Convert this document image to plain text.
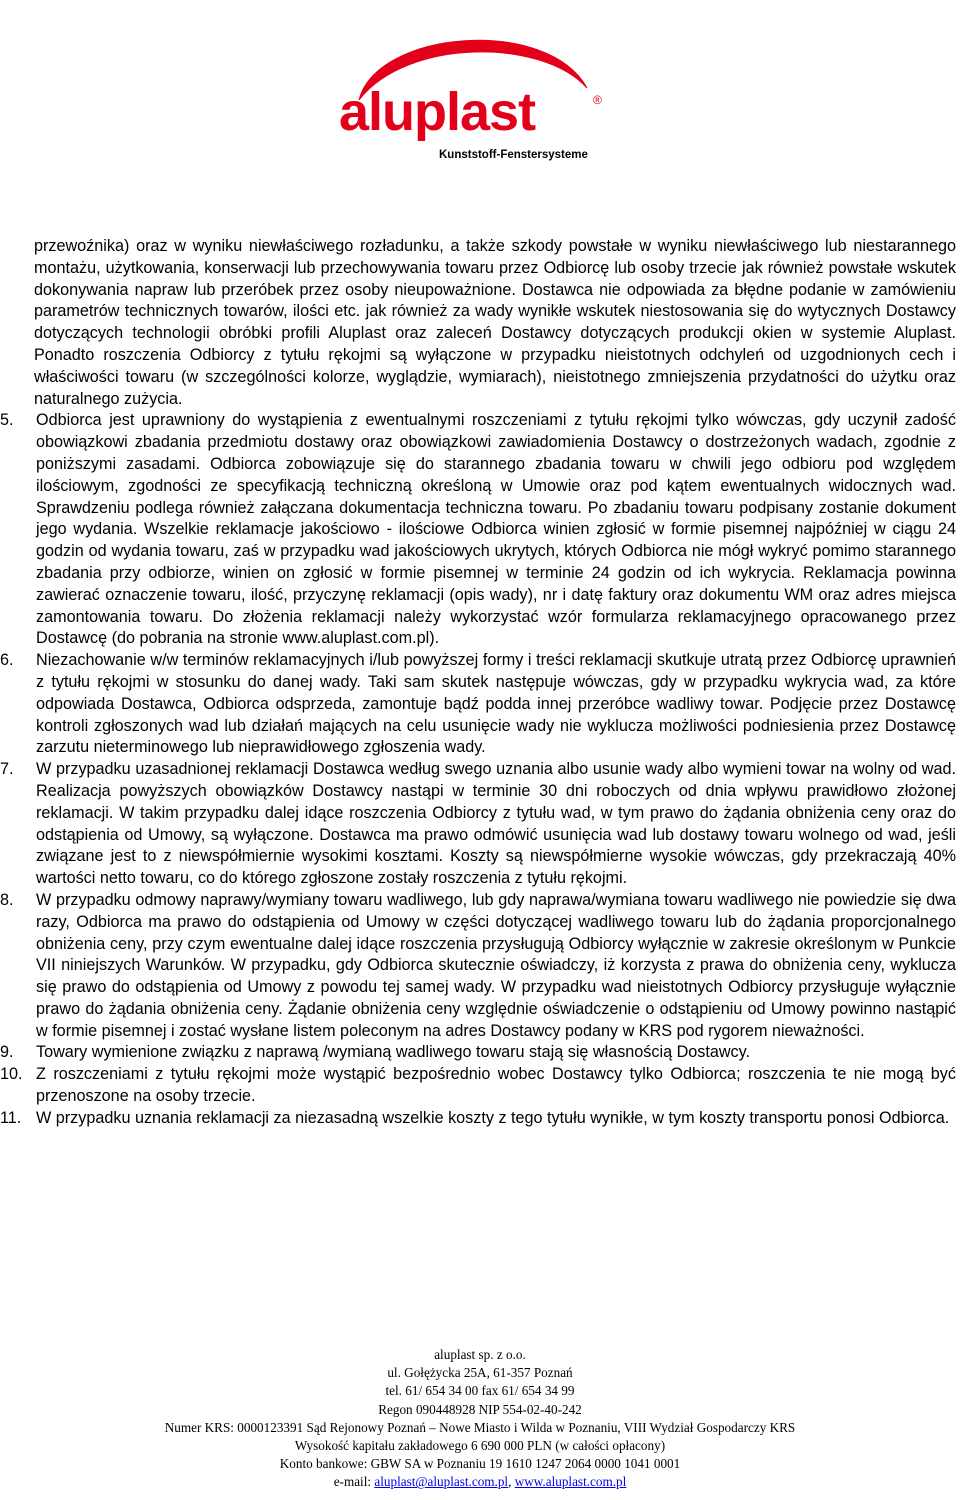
aluplast	®
Kunststoff-Fenstersysteme

przewoźnika) oraz w wyniku niewłaściwego rozładunku, a także szkody powstałe w wyniku niewłaściwego lub niestarannego montażu, użytkowania, konserwacji lub przechowywania towaru przez Odbiorcę lub osoby trzecie jak również powstałe wskutek dokonywania napraw lub przeróbek przez osoby nieupoważnione. Dostawca nie odpowiada za błędne podanie w zamówieniu parametrów technicznych towarów, ilości etc. jak również za wady wynikłe wskutek niestosowania się do wytycznych Dostawcy dotyczących technologii obróbki profili Aluplast oraz zaleceń Dostawcy dotyczących produkcji okien w systemie Aluplast. Ponadto roszczenia Odbiorcy z tytułu rękojmi są wyłączone w przypadku nieistotnych odchyleń od uzgodnionych cech i właściwości towaru (w szczególności kolorze, wyglądzie, wymiarach), nieistotnego zmniejszenia przydatności do użytku oraz naturalnego zużycia.

5.	Odbiorca jest uprawniony do wystąpienia z ewentualnymi roszczeniami z tytułu rękojmi tylko wówczas, gdy uczynił zadość obowiązkowi zbadania przedmiotu dostawy oraz obowiązkowi zawiadomienia Dostawcy o dostrzeżonych wadach, zgodnie z poniższymi zasadami. Odbiorca zobowiązuje się do starannego zbadania towaru w chwili jego odbioru pod względem ilościowym, zgodności ze specyfikacją techniczną określoną w Umowie oraz pod kątem ewentualnych widocznych wad. Sprawdzeniu podlega również załączana dokumentacja techniczna towaru. Po zbadaniu towaru podpisany zostanie dokument jego wydania. Wszelkie reklamacje jakościowo - ilościowe Odbiorca winien zgłosić w formie pisemnej najpóźniej w ciągu 24 godzin od wydania towaru, zaś w przypadku wad jakościowych ukrytych, których Odbiorca nie mógł wykryć pomimo starannego zbadania przy odbiorze, winien on zgłosić w formie pisemnej w terminie 24 godzin od ich wykrycia. Reklamacja powinna zawierać oznaczenie towaru, ilość, przyczynę reklamacji (opis wady), nr i datę faktury oraz dokumentu WM oraz adres miejsca zamontowania towaru. Do złożenia reklamacji należy wykorzystać wzór formularza reklamacyjnego opracowanego przez Dostawcę (do pobrania na stronie www.aluplast.com.pl).
6.	Niezachowanie w/w terminów reklamacyjnych i/lub powyższej formy i treści reklamacji skutkuje utratą przez Odbiorcę uprawnień z tytułu rękojmi w stosunku do danej wady. Taki sam skutek następuje wówczas, gdy w przypadku wykrycia wad, za które odpowiada Dostawca, Odbiorca odsprzeda, zamontuje bądź podda innej przeróbce wadliwy towar. Podjęcie przez Dostawcę kontroli zgłoszonych wad lub działań mających na celu usunięcie wady nie wyklucza możliwości podniesienia przez Dostawcę zarzutu nieterminowego lub nieprawidłowego zgłoszenia wady.
7.	W przypadku uzasadnionej reklamacji Dostawca według swego uznania albo usunie wady albo wymieni towar na wolny od wad. Realizacja powyższych obowiązków Dostawcy nastąpi w terminie 30 dni roboczych od dnia wpływu prawidłowo złożonej reklamacji. W takim przypadku dalej idące roszczenia Odbiorcy z tytułu wad, w tym prawo do żądania obniżenia ceny oraz do odstąpienia od Umowy, są wyłączone. Dostawca ma prawo odmówić usunięcia wad lub dostawy towaru wolnego od wad, jeśli związane jest to z niewspółmiernie wysokimi kosztami. Koszty są niewspółmierne wysokie wówczas, gdy przekraczają 40% wartości netto towaru, co do którego zgłoszone zostały roszczenia z tytułu rękojmi.
8.	W przypadku odmowy naprawy/wymiany towaru wadliwego, lub gdy naprawa/wymiana towaru wadliwego nie powiedzie się dwa razy, Odbiorca ma prawo do odstąpienia od Umowy w części dotyczącej wadliwego towaru lub do żądania proporcjonalnego obniżenia ceny, przy czym ewentualne dalej idące roszczenia przysługują Odbiorcy wyłącznie w zakresie określonym w Punkcie VII niniejszych Warunków. W przypadku, gdy Odbiorca skutecznie oświadczy, iż korzysta z prawa do obniżenia ceny, wyklucza się prawo do odstąpienia od Umowy z powodu tej samej wady. W przypadku wad nieistotnych Odbiorcy przysługuje wyłącznie prawo do żądania obniżenia ceny. Żądanie obniżenia ceny względnie oświadczenie o odstąpieniu od Umowy powinno nastąpić w formie pisemnej i zostać wysłane listem poleconym na adres Dostawcy podany w KRS pod rygorem nieważności.
9.	Towary wymienione związku z naprawą /wymianą wadliwego towaru stają się własnością Dostawcy.
10. Z roszczeniami z tytułu rękojmi może wystąpić bezpośrednio wobec Dostawcy tylko Odbiorca; roszczenia te nie mogą być przenoszone na osoby trzecie.
11. W przypadku uznania reklamacji za niezasadną wszelkie koszty z tego tytułu wynikłe, w tym koszty transportu ponosi Odbiorca.
aluplast sp. z o.o.
ul. Gołężycka 25A, 61-357 Poznań
tel. 61/ 654 34 00 fax 61/ 654 34 99
Regon 090448928 NIP 554-02-40-242
Numer KRS: 0000123391 Sąd Rejonowy Poznań – Nowe Miasto i Wilda w Poznaniu, VIII Wydział Gospodarczy KRS
Wysokość kapitału zakładowego 6 690 000 PLN (w całości opłacony)
Konto bankowe: GBW SA w Poznaniu 19 1610 1247 2064 0000 1041 0001
e-mail: aluplast@aluplast.com.pl, www.aluplast.com.pl
